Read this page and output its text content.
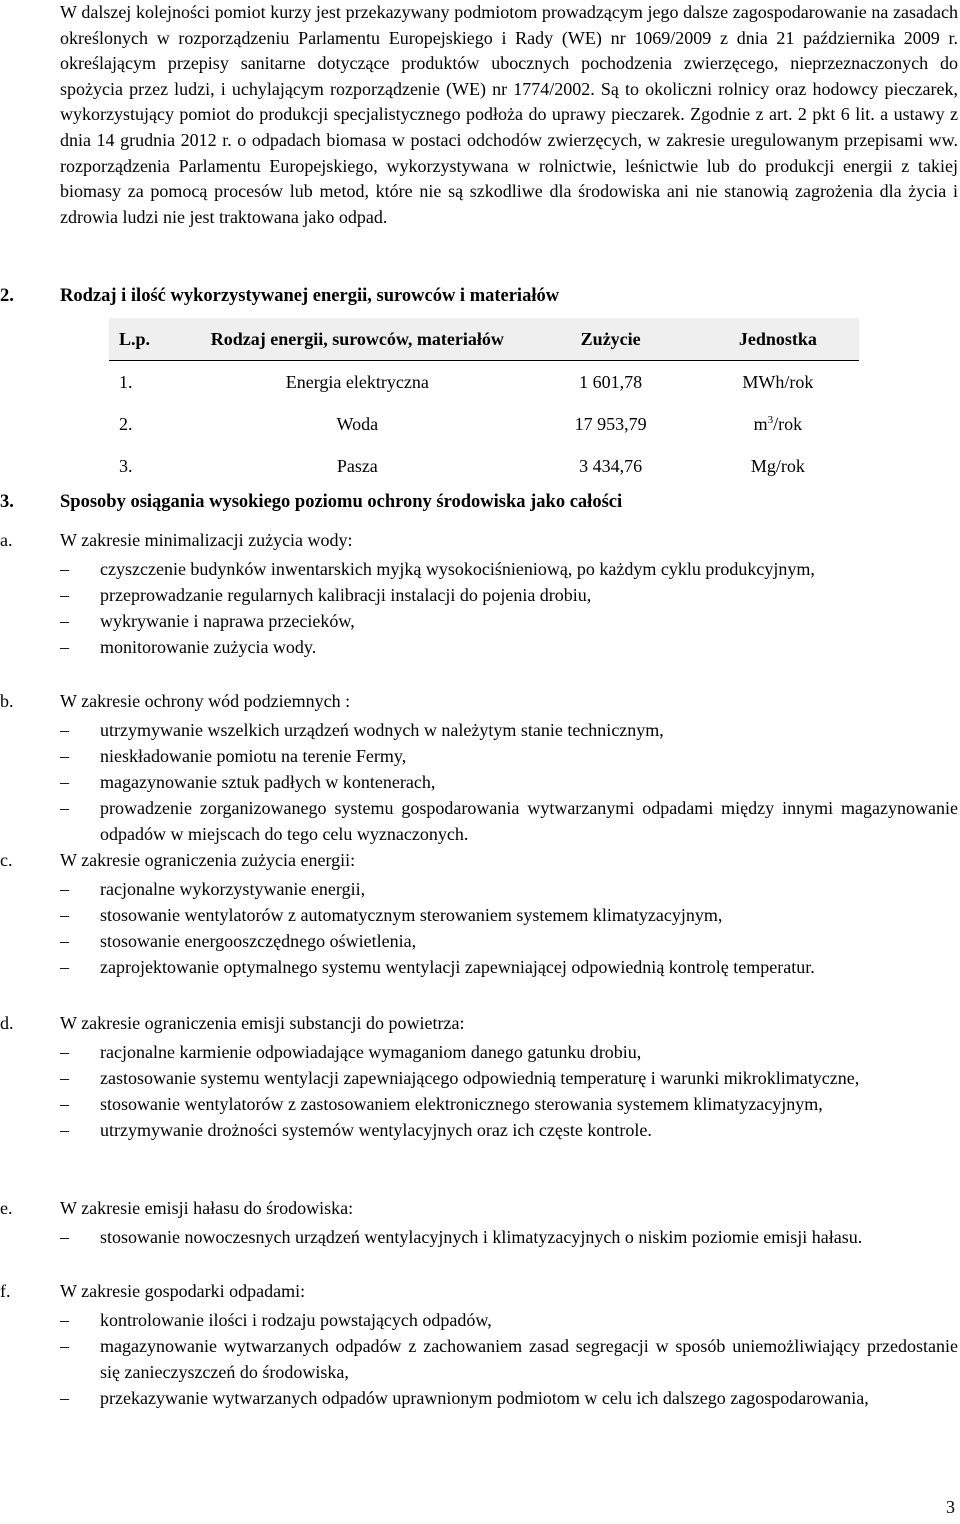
W dalszej kolejności pomiot kurzy jest przekazywany podmiotom prowadzącym jego dalsze zagospodarowanie na zasadach określonych w rozporządzeniu Parlamentu Europejskiego i Rady (WE) nr 1069/2009 z dnia 21 października 2009 r. określającym przepisy sanitarne dotyczące produktów ubocznych pochodzenia zwierzęcego, nieprzeznaczonych do spożycia przez ludzi, i uchylającym rozporządzenie (WE) nr 1774/2002. Są to okoliczni rolnicy oraz hodowcy pieczarek, wykorzystujący pomiot do produkcji specjalistycznego podłoża do uprawy pieczarek. Zgodnie z art. 2 pkt 6 lit. a ustawy z dnia 14 grudnia 2012 r. o odpadach biomasa w postaci odchodów zwierzęcych, w zakresie uregulowanym przepisami ww. rozporządzenia Parlamentu Europejskiego, wykorzystywana w rolnictwie, leśnictwie lub do produkcji energii z takiej biomasy za pomocą procesów lub metod, które nie są szkodliwe dla środowiska ani nie stanowią zagrożenia dla życia i zdrowia ludzi nie jest traktowana jako odpad.

2. Rodzaj i ilość wykorzystywanej energii, surowców i materiałów
L.p.	Rodzaj energii, surowców, materiałów	Zużycie	Jednostka
1.	Energia elektryczna	1 601,78	MWh/rok
2.	Woda	17 953,79	$m^3$/rok
3.	Pasza	3 434,76	Mg/rok
3. Sposoby osiągania wysokiego poziomu ochrony środowiska jako całości
a.	W zakresie minimalizacji zużycia wody:
–	czyszczenie budynków inwentarskich myjką wysokociśnieniową, po każdym cyklu produkcyjnym,
–	przeprowadzanie regularnych kalibracji instalacji do pojenia drobiu,
–	wykrywanie i naprawa przecieków,
–	monitorowanie zużycia wody.
b.	W zakresie ochrony wód podziemnych :
–	utrzymywanie wszelkich urządzeń wodnych w należytym stanie technicznym,
–	nieskładowanie pomiotu na terenie Fermy,
–	magazynowanie sztuk padłych w kontenerach,
–	prowadzenie zorganizowanego systemu gospodarowania wytwarzanymi odpadami między innymi magazynowanie odpadów w miejscach do tego celu wyznaczonych.
c.	W zakresie ograniczenia zużycia energii:
–	racjonalne wykorzystywanie energii,
–	stosowanie wentylatorów z automatycznym sterowaniem systemem klimatyzacyjnym,
–	stosowanie energooszczędnego oświetlenia,
–	zaprojektowanie optymalnego systemu wentylacji zapewniającej odpowiednią kontrolę temperatur.
d.	W zakresie ograniczenia emisji substancji do powietrza:
–	racjonalne karmienie odpowiadające wymaganiom danego gatunku drobiu,
–	zastosowanie systemu wentylacji zapewniającego odpowiednią temperaturę i warunki mikroklimatyczne,
–	stosowanie wentylatorów z zastosowaniem elektronicznego sterowania systemem klimatyzacyjnym,
–	utrzymywanie drożności systemów wentylacyjnych oraz ich częste kontrole.
e.	W zakresie emisji hałasu do środowiska:
–	stosowanie nowoczesnych urządzeń wentylacyjnych i klimatyzacyjnych o niskim poziomie emisji hałasu.
f.	W zakresie gospodarki odpadami:
–	kontrolowanie ilości i rodzaju powstających odpadów,
–	magazynowanie wytwarzanych odpadów z zachowaniem zasad segregacji w sposób uniemożliwiający przedostanie się zanieczyszczeń do środowiska,
–	przekazywanie wytwarzanych odpadów uprawnionym podmiotom w celu ich dalszego zagospodarowania,
3
